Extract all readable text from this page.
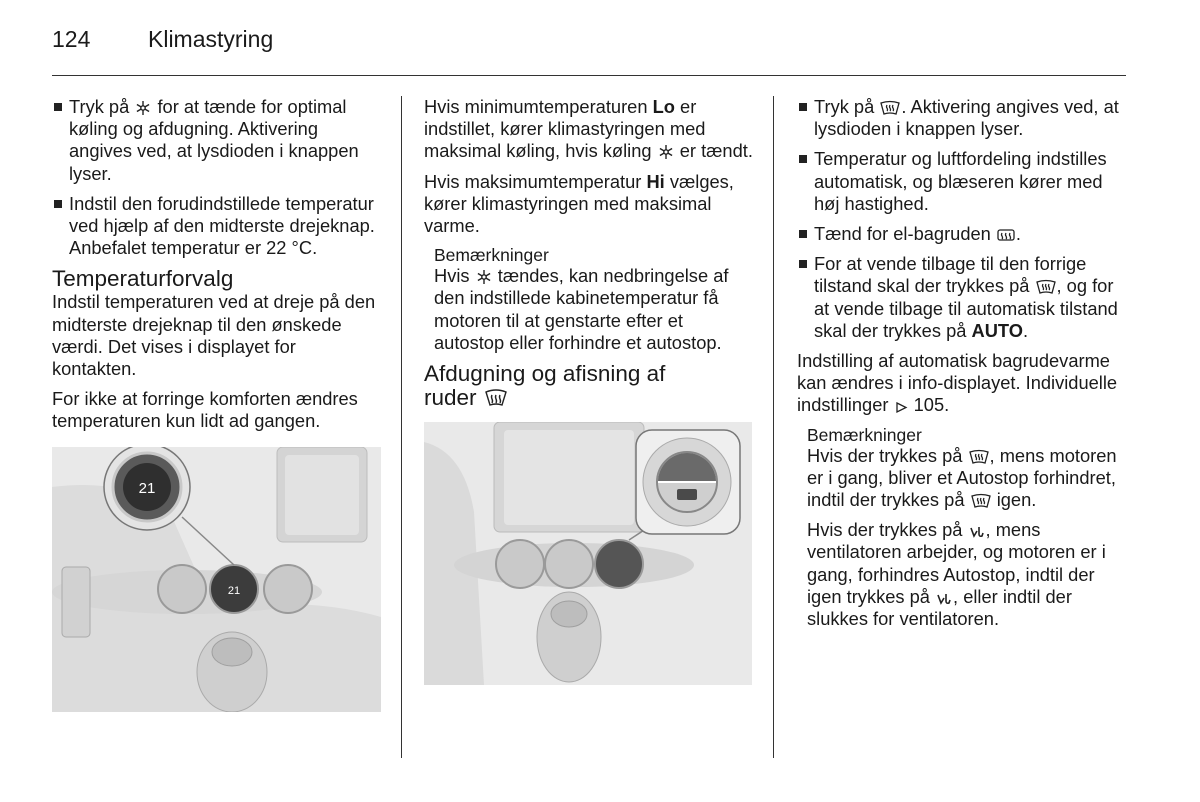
124	Klimastyring
Tryk på for at tænde for optimal køling og afdugning. Aktivering angives ved, at lysdioden i knappen lyser.
Indstil den forudindstillede temperatur ved hjælp af den midterste drejeknap. Anbefalet temperatur er 22 °C.
Temperaturforvalg

Indstil temperaturen ved at dreje på den midterste drejeknap til den ønskede værdi. Det vises i displayet for kontakten.

For ikke at forringe komforten ændres temperaturen kun lidt ad gangen.

21
21

Hvis minimumtemperaturen Lo er indstillet, kører klimastyringen med maksimal køling, hvis køling er tændt.

Hvis maksimumtemperatur Hi vælges, kører klimastyringen med maksimal varme.

Bemærkninger

Hvis tændes, kan nedbringelse af den indstillede kabinetemperatur få motoren til at genstarte efter et autostop eller forhindre et autostop.

Afdugning og afisning af
ruder
Tryk på . Aktivering angives ved, at lysdioden i knappen lyser.
Temperatur og luftfordeling indstilles automatisk, og blæseren kører med høj hastighed.
Tænd for el-bagruden .
For at vende tilbage til den forrige tilstand skal der trykkes på , og for at vende tilbage til automatisk tilstand skal der trykkes på AUTO.

Indstilling af automatisk bagrudevarme kan ændres i info-displayet. Individuelle indstillinger 105.

Bemærkninger

Hvis der trykkes på , mens motoren er i gang, bliver et Autostop forhindret, indtil der trykkes på igen.

Hvis der trykkes på , mens ventilatoren arbejder, og motoren er i gang, forhindres Autostop, indtil der igen trykkes på , eller indtil der slukkes for ventilatoren.
